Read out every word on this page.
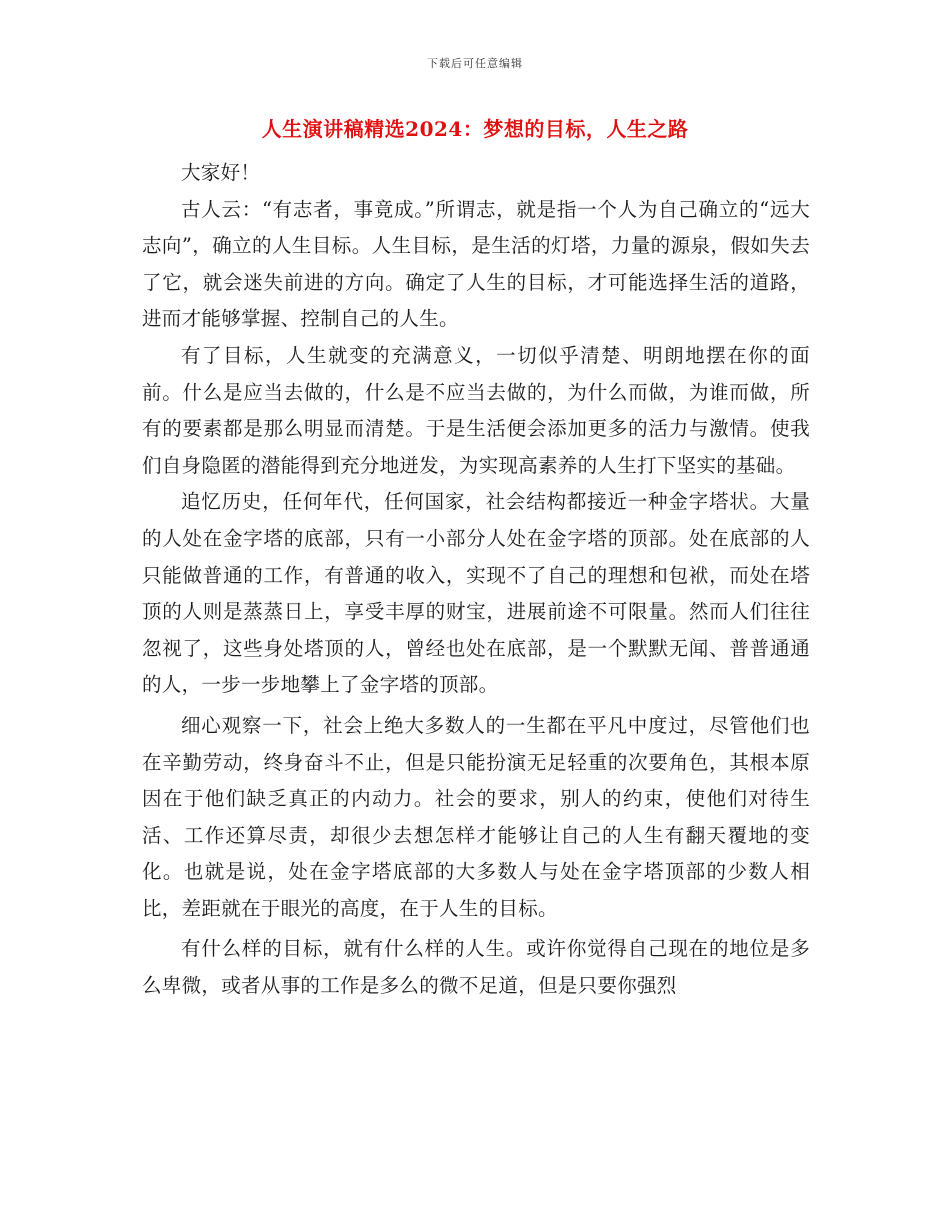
下载后可任意编辑
人生演讲稿精选2024：梦想的目标，人生之路

大家好！

古人云：“有志者，事竟成。”所谓志，就是指一个人为自己确立的“远大志向”，确立的人生目标。人生目标，是生活的灯塔，力量的源泉，假如失去了它，就会迷失前进的方向。确定了人生的目标，才可能选择生活的道路，进而才能够掌握、控制自己的人生。

有了目标，人生就变的充满意义，一切似乎清楚、明朗地摆在你的面前。什么是应当去做的，什么是不应当去做的，为什么而做，为谁而做，所有的要素都是那么明显而清楚。于是生活便会添加更多的活力与激情。使我们自身隐匿的潜能得到充分地迸发，为实现高素养的人生打下坚实的基础。

追忆历史，任何年代，任何国家，社会结构都接近一种金字塔状。大量的人处在金字塔的底部，只有一小部分人处在金字塔的顶部。处在底部的人只能做普通的工作，有普通的收入，实现不了自己的理想和包袱，而处在塔顶的人则是蒸蒸日上，享受丰厚的财宝，进展前途不可限量。然而人们往往忽视了，这些身处塔顶的人，曾经也处在底部，是一个默默无闻、普普通通的人，一步一步地攀上了金字塔的顶部。

细心观察一下，社会上绝大多数人的一生都在平凡中度过，尽管他们也在辛勤劳动，终身奋斗不止，但是只能扮演无足轻重的次要角色，其根本原因在于他们缺乏真正的内动力。社会的要求，别人的约束，使他们对待生活、工作还算尽责，却很少去想怎样才能够让自己的人生有翻天覆地的变化。也就是说，处在金字塔底部的大多数人与处在金字塔顶部的少数人相比，差距就在于眼光的高度，在于人生的目标。

有什么样的目标，就有什么样的人生。或许你觉得自己现在的地位是多么卑微，或者从事的工作是多么的微不足道，但是只要你强烈
